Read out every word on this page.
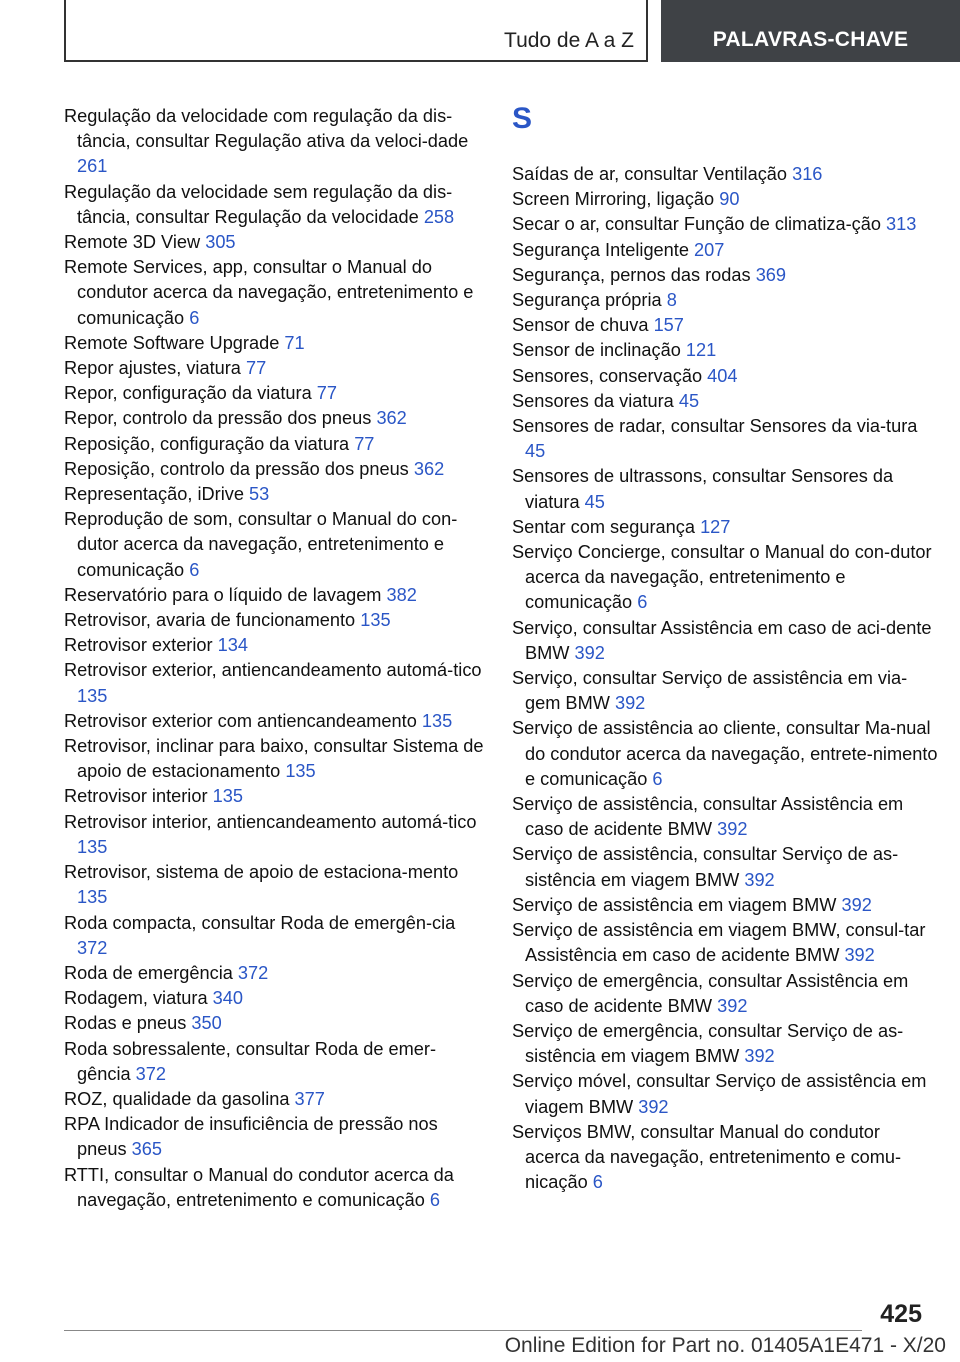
Tudo de A a Z	PALAVRAS-CHAVE
Regulação da velocidade com regulação da dis-tância, consultar Regulação ativa da veloci-dade 261
Regulação da velocidade sem regulação da dis-tância, consultar Regulação da velocidade 258
Remote 3D View 305
Remote Services, app, consultar o Manual do condutor acerca da navegação, entretenimento e comunicação 6
Remote Software Upgrade 71
Repor ajustes, viatura 77
Repor, configuração da viatura 77
Repor, controlo da pressão dos pneus 362
Reposição, configuração da viatura 77
Reposição, controlo da pressão dos pneus 362
Representação, iDrive 53
Reprodução de som, consultar o Manual do con-dutor acerca da navegação, entretenimento e comunicação 6
Reservatório para o líquido de lavagem 382
Retrovisor, avaria de funcionamento 135
Retrovisor exterior 134
Retrovisor exterior, antiencandeamento automá-tico 135
Retrovisor exterior com antiencandeamento 135
Retrovisor, inclinar para baixo, consultar Sistema de apoio de estacionamento 135
Retrovisor interior 135
Retrovisor interior, antiencandeamento automá-tico 135
Retrovisor, sistema de apoio de estaciona-mento 135
Roda compacta, consultar Roda de emergên-cia 372
Roda de emergência 372
Rodagem, viatura 340
Rodas e pneus 350
Roda sobressalente, consultar Roda de emer-gência 372
ROZ, qualidade da gasolina 377
RPA Indicador de insuficiência de pressão nos pneus 365
RTTI, consultar o Manual do condutor acerca da navegação, entretenimento e comunicação 6
S
Saídas de ar, consultar Ventilação 316
Screen Mirroring, ligação 90
Secar o ar, consultar Função de climatiza-ção 313
Segurança Inteligente 207
Segurança, pernos das rodas 369
Segurança própria 8
Sensor de chuva 157
Sensor de inclinação 121
Sensores, conservação 404
Sensores da viatura 45
Sensores de radar, consultar Sensores da via-tura 45
Sensores de ultrassons, consultar Sensores da viatura 45
Sentar com segurança 127
Serviço Concierge, consultar o Manual do con-dutor acerca da navegação, entretenimento e comunicação 6
Serviço, consultar Assistência em caso de aci-dente BMW 392
Serviço, consultar Serviço de assistência em via-gem BMW 392
Serviço de assistência ao cliente, consultar Ma-nual do condutor acerca da navegação, entrete-nimento e comunicação 6
Serviço de assistência, consultar Assistência em caso de acidente BMW 392
Serviço de assistência, consultar Serviço de as-sistência em viagem BMW 392
Serviço de assistência em viagem BMW 392
Serviço de assistência em viagem BMW, consul-tar Assistência em caso de acidente BMW 392
Serviço de emergência, consultar Assistência em caso de acidente BMW 392
Serviço de emergência, consultar Serviço de as-sistência em viagem BMW 392
Serviço móvel, consultar Serviço de assistência em viagem BMW 392
Serviços BMW, consultar Manual do condutor acerca da navegação, entretenimento e comu-nicação 6
425
Online Edition for Part no. 01405A1E471 - X/20
